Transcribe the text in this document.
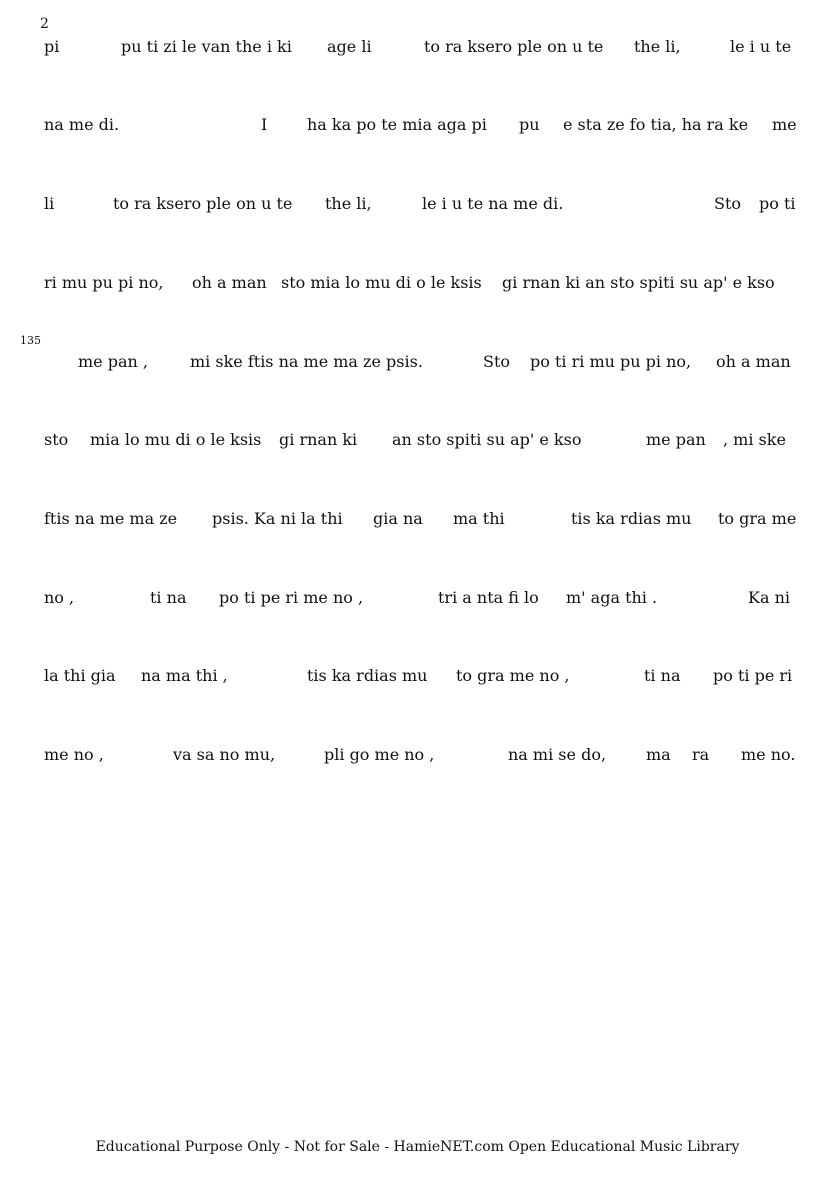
2
135
pi	pu ti zi le van the i ki age li	to ra ksero ple on u te the li,	le i u te
na me di.	I ha ka po te mia aga pi pu e sta ze fo tia, ha ra ke me
li	to ra ksero ple on u te the li,	le i u te na me di.	Sto po ti
ri mu pu pi no, oh a man sto mia lo mu di o le ksis gi rnan ki an sto spiti su ap' e kso
me pan ,	mi ske ftis na me ma ze psis.	Sto po ti ri mu pu pi no, oh a man
sto mia lo mu di o le ksis gi rnan ki an sto spiti su ap' e kso	me pan , mi ske
ftis na me ma ze psis. Ka ni la thi gia na ma thi	tis ka rdias mu to gra me
no ,	ti na po ti pe ri me no ,	tri a nta fi lo m' aga thi .	Ka ni
la thi gia na ma thi ,	tis ka rdias mu to gra me no ,	ti na po ti pe ri
me no ,	va sa no mu,	pli go me no ,	na mi se do, ma ra me no.
Educational Purpose Only - Not for Sale - HamieNET.com Open Educational Music Library
